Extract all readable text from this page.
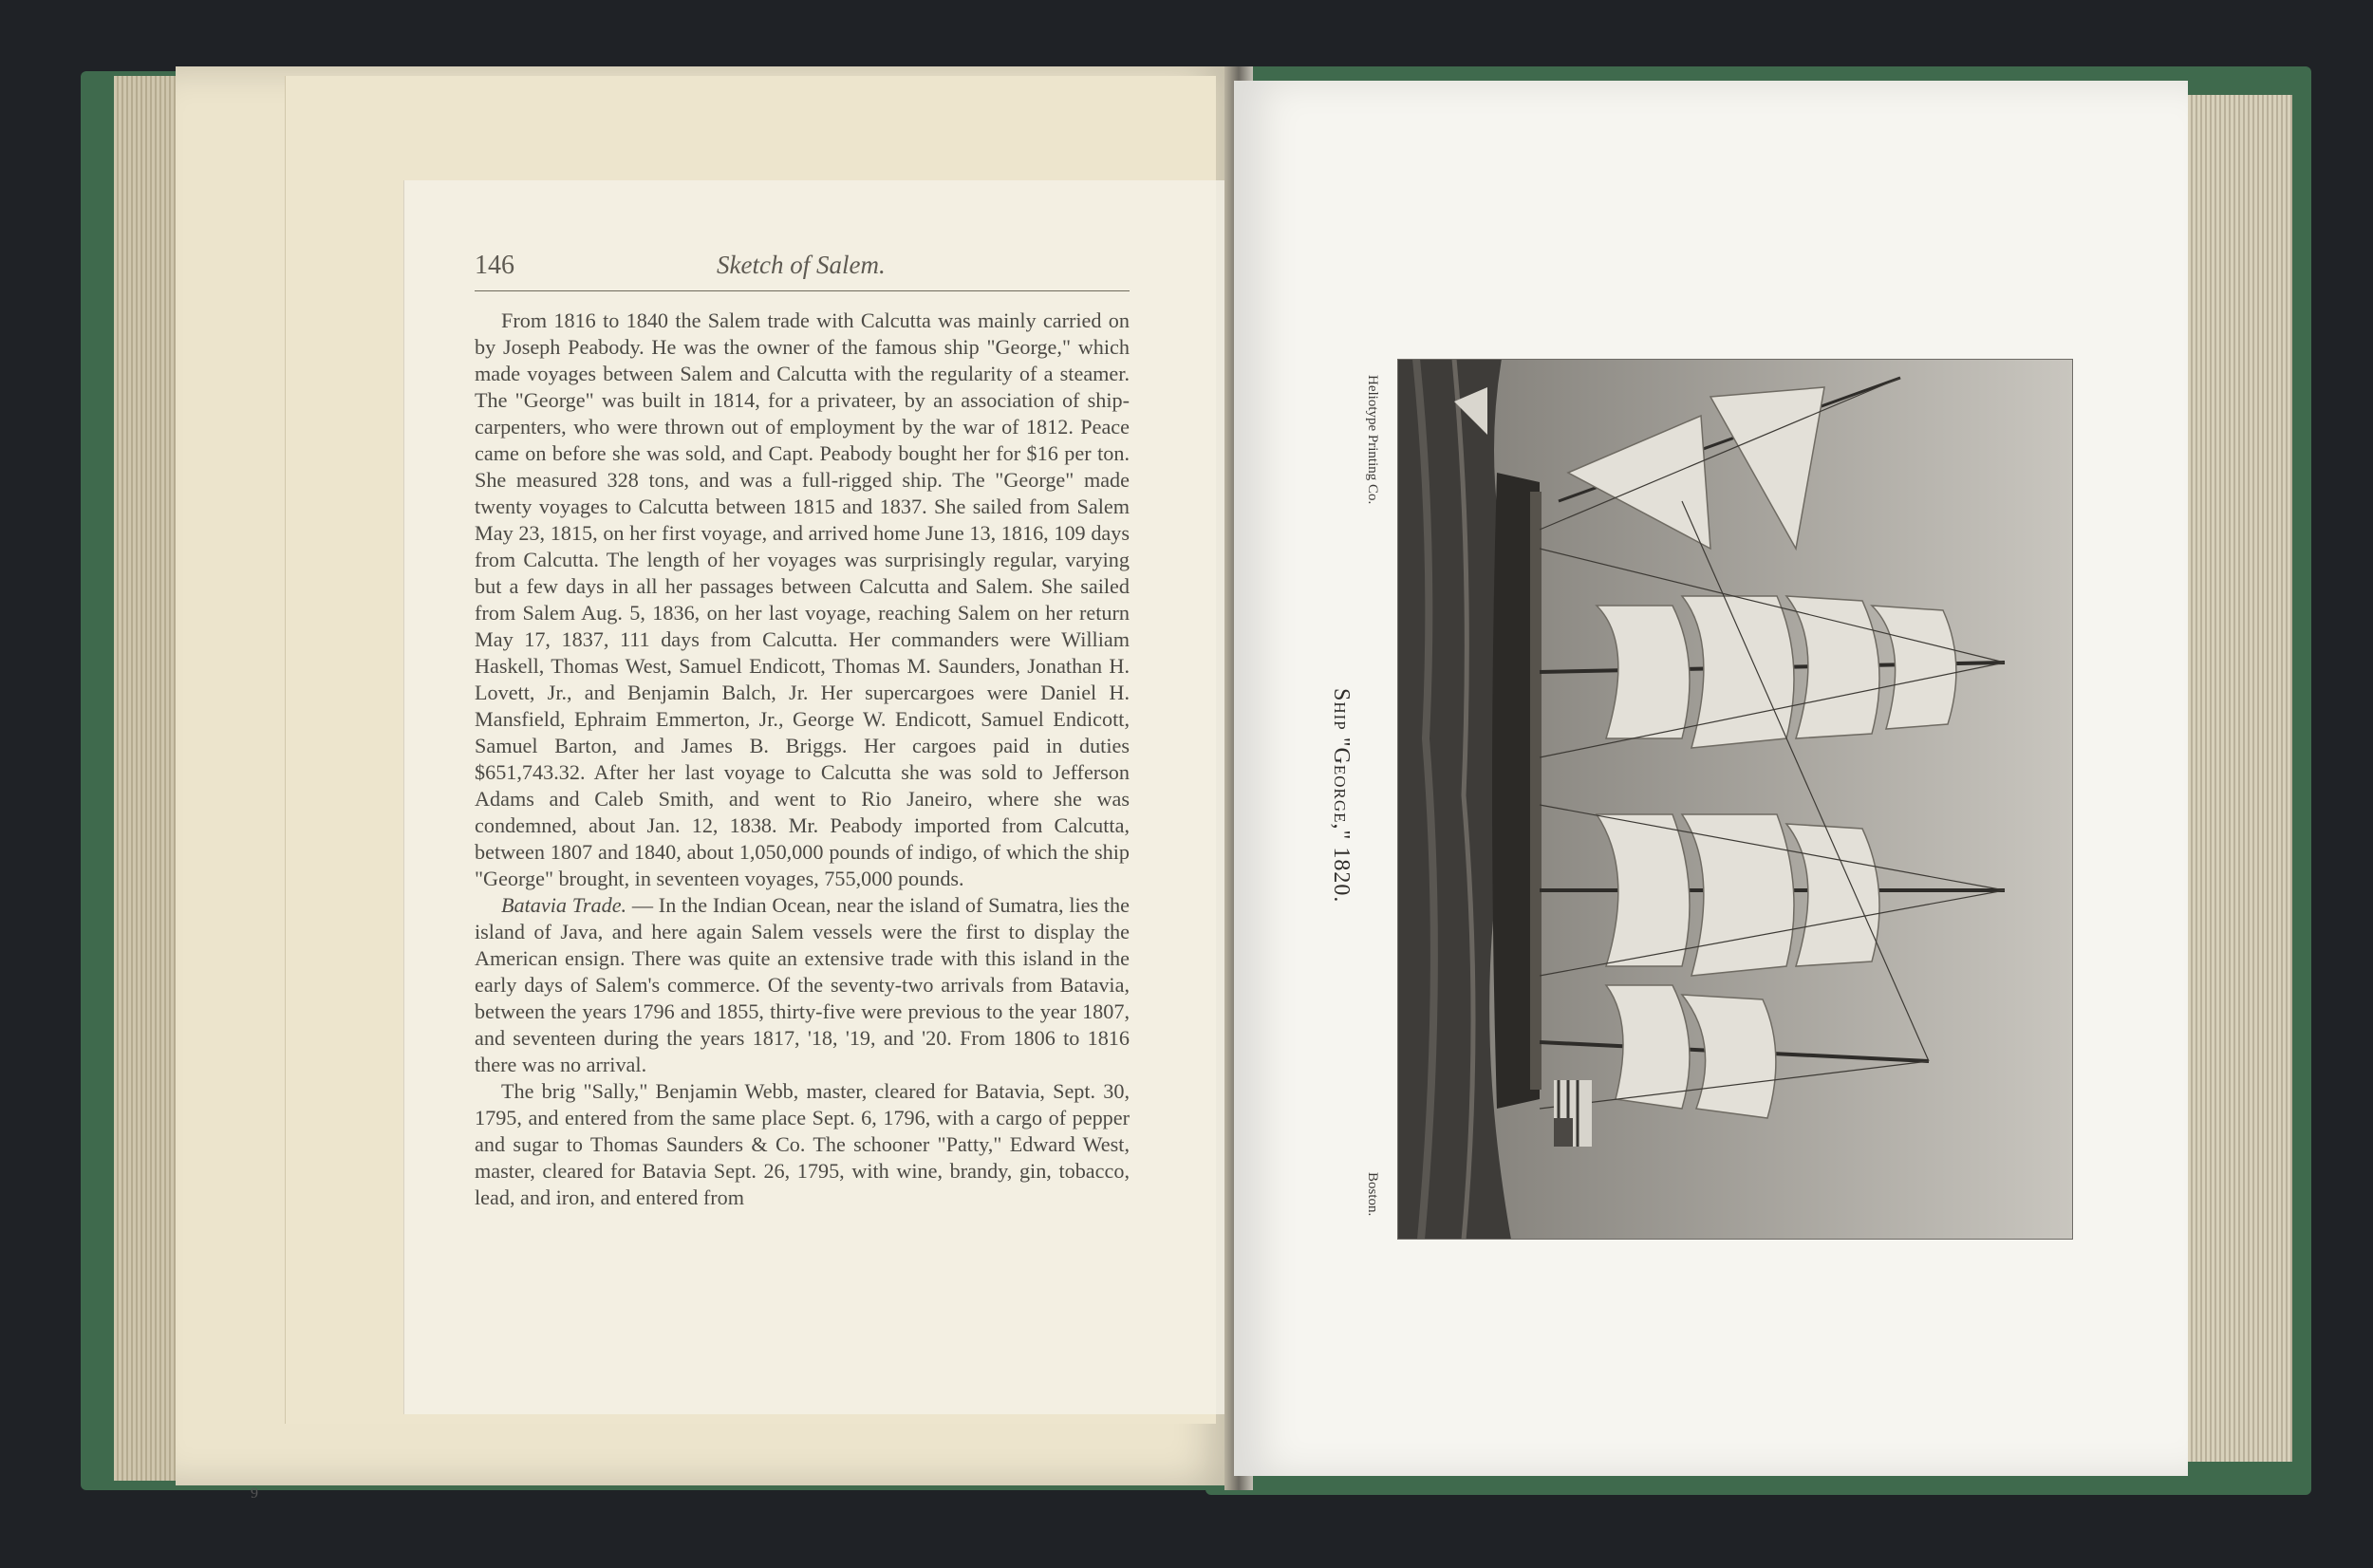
146	Sketch of Salem.

From 1816 to 1840 the Salem trade with Calcutta was mainly carried on by Joseph Peabody. He was the owner of the famous ship "George," which made voyages between Salem and Calcutta with the regularity of a steamer. The "George" was built in 1814, for a privateer, by an association of ship-carpenters, who were thrown out of employment by the war of 1812. Peace came on before she was sold, and Capt. Peabody bought her for $16 per ton. She measured 328 tons, and was a full-rigged ship. The "George" made twenty voyages to Calcutta between 1815 and 1837. She sailed from Salem May 23, 1815, on her first voyage, and arrived home June 13, 1816, 109 days from Calcutta. The length of her voyages was surprisingly regular, varying but a few days in all her passages between Calcutta and Salem. She sailed from Salem Aug. 5, 1836, on her last voyage, reaching Salem on her return May 17, 1837, 111 days from Calcutta. Her commanders were William Haskell, Thomas West, Samuel Endicott, Thomas M. Saunders, Jonathan H. Lovett, Jr., and Benjamin Balch, Jr. Her supercargoes were Daniel H. Mansfield, Ephraim Emmerton, Jr., George W. Endicott, Samuel Endicott, Samuel Barton, and James B. Briggs. Her cargoes paid in duties $651,743.32. After her last voyage to Calcutta she was sold to Jefferson Adams and Caleb Smith, and went to Rio Janeiro, where she was condemned, about Jan. 12, 1838. Mr. Peabody imported from Calcutta, between 1807 and 1840, about 1,050,000 pounds of indigo, of which the ship "George" brought, in seventeen voyages, 755,000 pounds.

Batavia Trade. — In the Indian Ocean, near the island of Sumatra, lies the island of Java, and here again Salem vessels were the first to display the American ensign. There was quite an extensive trade with this island in the early days of Salem's commerce. Of the seventy-two arrivals from Batavia, between the years 1796 and 1855, thirty-five were previous to the year 1807, and seventeen during the years 1817, '18, '19, and '20. From 1806 to 1816 there was no arrival.

The brig "Sally," Benjamin Webb, master, cleared for Batavia, Sept. 30, 1795, and entered from the same place Sept. 6, 1796, with a cargo of pepper and sugar to Thomas Saunders & Co. The schooner "Patty," Edward West, master, cleared for Batavia Sept. 26, 1795, with wine, brandy, gin, tobacco, lead, and iron, and entered from

9
Heliotype Printing Co.
Ship "George," 1820.
Boston.
